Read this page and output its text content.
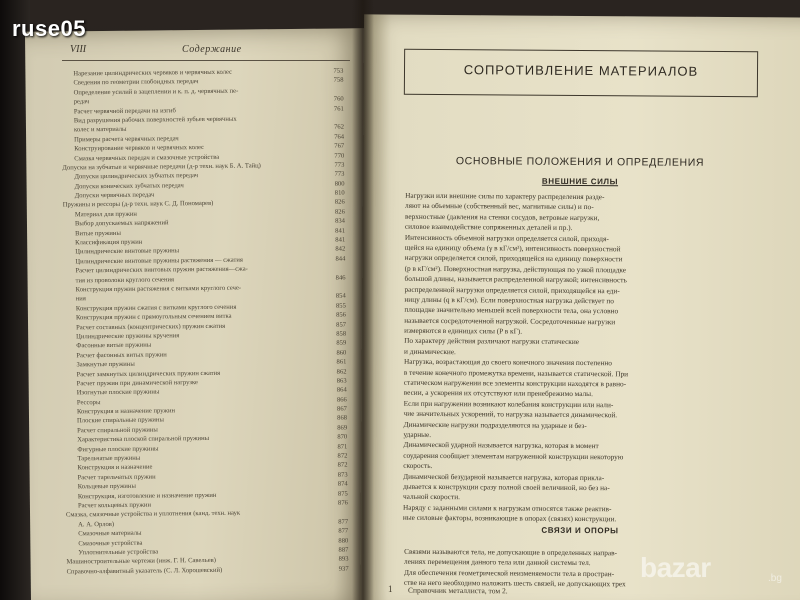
ruse05
VIII	Содержание
Нарезание цилиндрических червяков и червячных колес	753
Сведения по геометрии глобоидных передач	758
Определение усилий в зацеплении и к. п. д. червячных пе-
редач	760
Расчет червячной передачи на изгиб	761
Вид разрушения рабочих поверхностей зубьев червячных
колес и материалы	762
Примеры расчета червячных передач	764
Конструирование червяков и червячных колес	767
Смазка червячных передач и смазочные устройства	770
Допуски на зубчатые и червячные передачи (д-р техн. наук Б. А. Тайц)	773
Допуски цилиндрических зубчатых передач	773
Допуски конических зубчатых передач	800
Допуски червячных передач	810
Пружины и рессоры (д-р техн. наук С. Д. Пономарев)	826
Материал для пружин	826
Выбор допускаемых напряжений	834
Витые пружины	841
Классификация пружин	841
Цилиндрические винтовые пружины	842
Цилиндрические винтовые пружины растяжения — сжатия	844
Расчет цилиндрических винтовых пружин растяжения—сжа-
тия из проволоки круглого сечения	846
Конструкция пружин растяжения с витками круглого сече-
ния	854
Конструкция пружин сжатия с витками круглого сечения	855
Конструкция пружин с прямоугольным сечением витка	856
Расчет составных (концентрических) пружин сжатия	857
Цилиндрические пружины кручения	858
Фасонные витые пружины	859
Расчет фасонных витых пружин	860
Замкнутые пружины	861
Расчет замкнутых цилиндрических пружин сжатия	862
Расчет пружин при динамической нагрузке	863
Изогнутые плоские пружины	864
Рессоры	866
Конструкция и назначение пружин	867
Плоские спиральные пружины	868
Расчет спиральной пружины	869
Характеристика плоской спиральной пружины	870
Фигурные плоские пружины	871
Тарельчатые пружины	872
Конструкция и назначение	872
Расчет тарельчатых пружин	873
Кольцевые пружины	874
Конструкция, изготовление и назначение пружин	875
Расчет кольцевых пружин	876
Смазка, смазочные устройства и уплотнения (канд. техн. наук
А. А. Орлов)	877
Смазочные материалы	877
Смазочные устройства	880
Уплотнительные устройства	887
Машиностроительные чертежи (инж. Г. Н. Савельев)	893
Справочно-алфавитный указатель (С. Л. Хорошевский)	937
СОПРОТИВЛЕНИЕ МАТЕРИАЛОВ
ОСНОВНЫЕ ПОЛОЖЕНИЯ И ОПРЕДЕЛЕНИЯ
ВНЕШНИЕ СИЛЫ
Нагрузки или внешние силы по характеру распределения разде-
ляют на объемные (собственный вес, магнитные силы) и по-
верхностные (давления на стенки сосудов, ветровые нагрузки,
силовое взаимодействие сопряженных деталей и пр.).
Интенсивность объемной нагрузки определяется силой, приходя-
щейся на единицу объема (γ в кГ/см³), интенсивность поверхностной
нагрузки определяется силой, приходящейся на единицу поверхности
(p в кГ/см²). Поверхностная нагрузка, действующая по узкой площадке
большой длины, называется распределенной нагрузкой; интенсивность
распределенной нагрузки определяется силой, приходящейся на еди-
ницу длины (q в кГ/см). Если поверхностная нагрузка действует по
площадке значительно меньшей всей поверхности тела, она условно
называется сосредоточенной нагрузкой. Сосредоточенные нагрузки
измеряются в единицах силы (P в кГ).
По характеру действия различают нагрузки статические
и динамические.
Нагрузка, возрастающая до своего конечного значения постепенно
в течение конечного промежутка времени, называется статической. При
статическом нагружении все элементы конструкции находятся в равно-
весии, а ускорения их отсутствуют или пренебрежимо малы.
Если при нагружении возникают колебания конструкции или нали-
чие значительных ускорений, то нагрузка называется динамической.
Динамические нагрузки подразделяются на ударные и без-
ударные.
Динамической ударной называется нагрузка, которая в момент
соударения сообщает элементам нагруженной конструкции некоторую
скорость.
Динамической безударной называется нагрузка, которая прикла-
дывается к конструкции сразу полной своей величиной, но без на-
чальной скорости.
Наряду с заданными силами к нагрузкам относятся также реактив-
ные силовые факторы, возникающие в опорах (связях) конструкции.
СВЯЗИ И ОПОРЫ
Связями называются тела, не допускающие в определенных направ-
лениях перемещения данного тела или данной системы тел.
Для обеспечения геометрической неизменяемости тела в простран-
стве на него необходимо наложить шесть связей, не допускающих трех
1 Справочник металлиста, том 2.
bazar	.bg
